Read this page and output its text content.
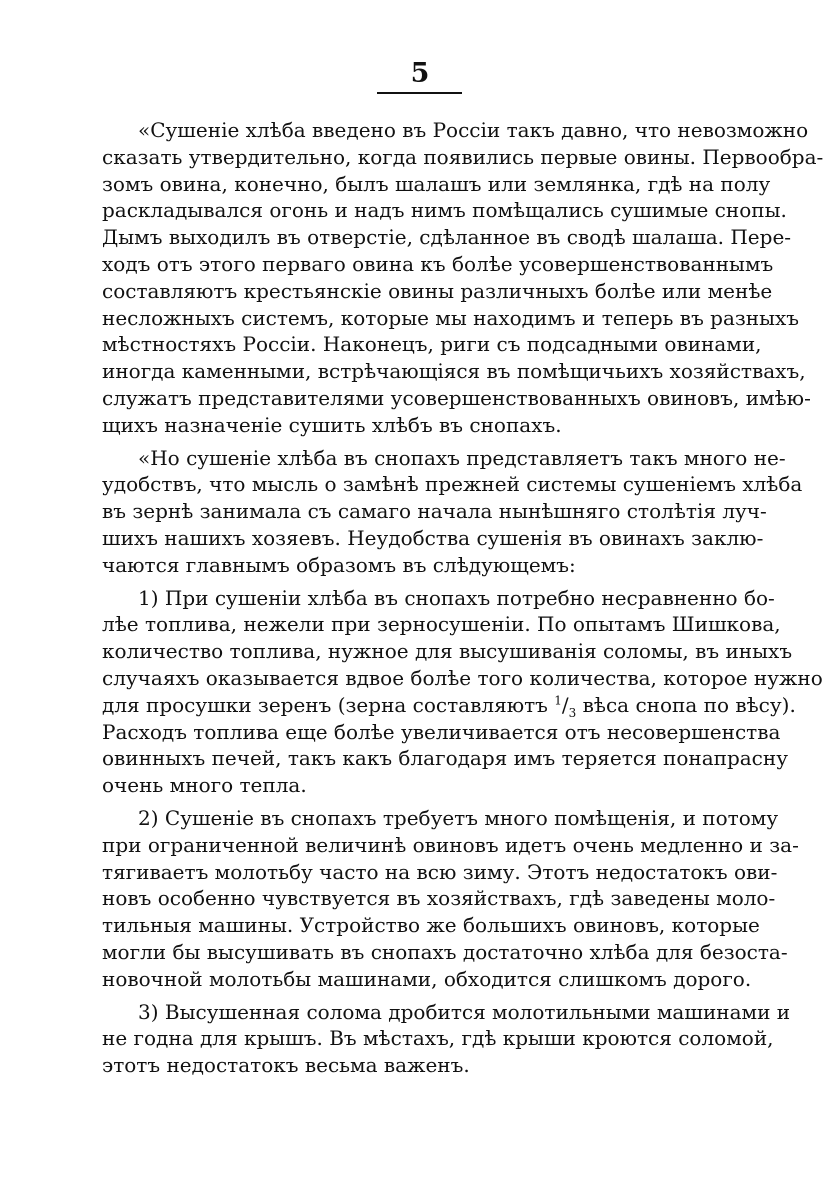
5
«Сушеніе хлѣба введено въ Россіи такъ давно, что невозможно
сказать утвердительно, когда появились первые овины. Первообра-
зомъ овина, конечно, былъ шалашъ или землянка, гдѣ на полу
раскладывался огонь и надъ нимъ помѣщались сушимые снопы.
Дымъ выходилъ въ отверстіе, сдѣланное въ сводѣ шалаша. Пере-
ходъ отъ этого перваго овина къ болѣе усовершенствованнымъ
составляютъ крестьянскіе овины различныхъ болѣе или менѣе
несложныхъ системъ, которые мы находимъ и теперь въ разныхъ
мѣстностяхъ Россіи. Наконецъ, риги съ подсадными овинами,
иногда каменными, встрѣчающіяся въ помѣщичьихъ хозяйствахъ,
служатъ представителями усовершенствованныхъ овиновъ, имѣю-
щихъ назначеніе сушить хлѣбъ въ снопахъ.
«Но сушеніе хлѣба въ снопахъ представляетъ такъ много не-
удобствъ, что мысль о замѣнѣ прежней системы сушеніемъ хлѣба
въ зернѣ занимала съ самаго начала нынѣшняго столѣтія луч-
шихъ нашихъ хозяевъ. Неудобства сушенія въ овинахъ заклю-
чаются главнымъ образомъ въ слѣдующемъ:
1) При сушеніи хлѣба въ снопахъ потребно несравненно бо-
лѣе топлива, нежели при зерносушеніи. По опытамъ Шишкова,
количество топлива, нужное для высушиванія соломы, въ иныхъ
случаяхъ оказывается вдвое болѣе того количества, которое нужно
для просушки зеренъ (зерна составляютъ $^1/_3$ вѣса снопа по вѣсу).
Расходъ топлива еще болѣе увеличивается отъ несовершенства
овинныхъ печей, такъ какъ благодаря имъ теряется понапрасну
очень много тепла.
2) Сушеніе въ снопахъ требуетъ много помѣщенія, и потому
при ограниченной величинѣ овиновъ идетъ очень медленно и за-
тягиваетъ молотьбу часто на всю зиму. Этотъ недостатокъ ови-
новъ особенно чувствуется въ хозяйствахъ, гдѣ заведены моло-
тильныя машины. Устройство же большихъ овиновъ, которые
могли бы высушивать въ снопахъ достаточно хлѣба для безоста-
новочной молотьбы машинами, обходится слишкомъ дорого.
3) Высушенная солома дробится молотильными машинами и
не годна для крышъ. Въ мѣстахъ, гдѣ крыши кроются соломой,
этотъ недостатокъ весьма важенъ.
